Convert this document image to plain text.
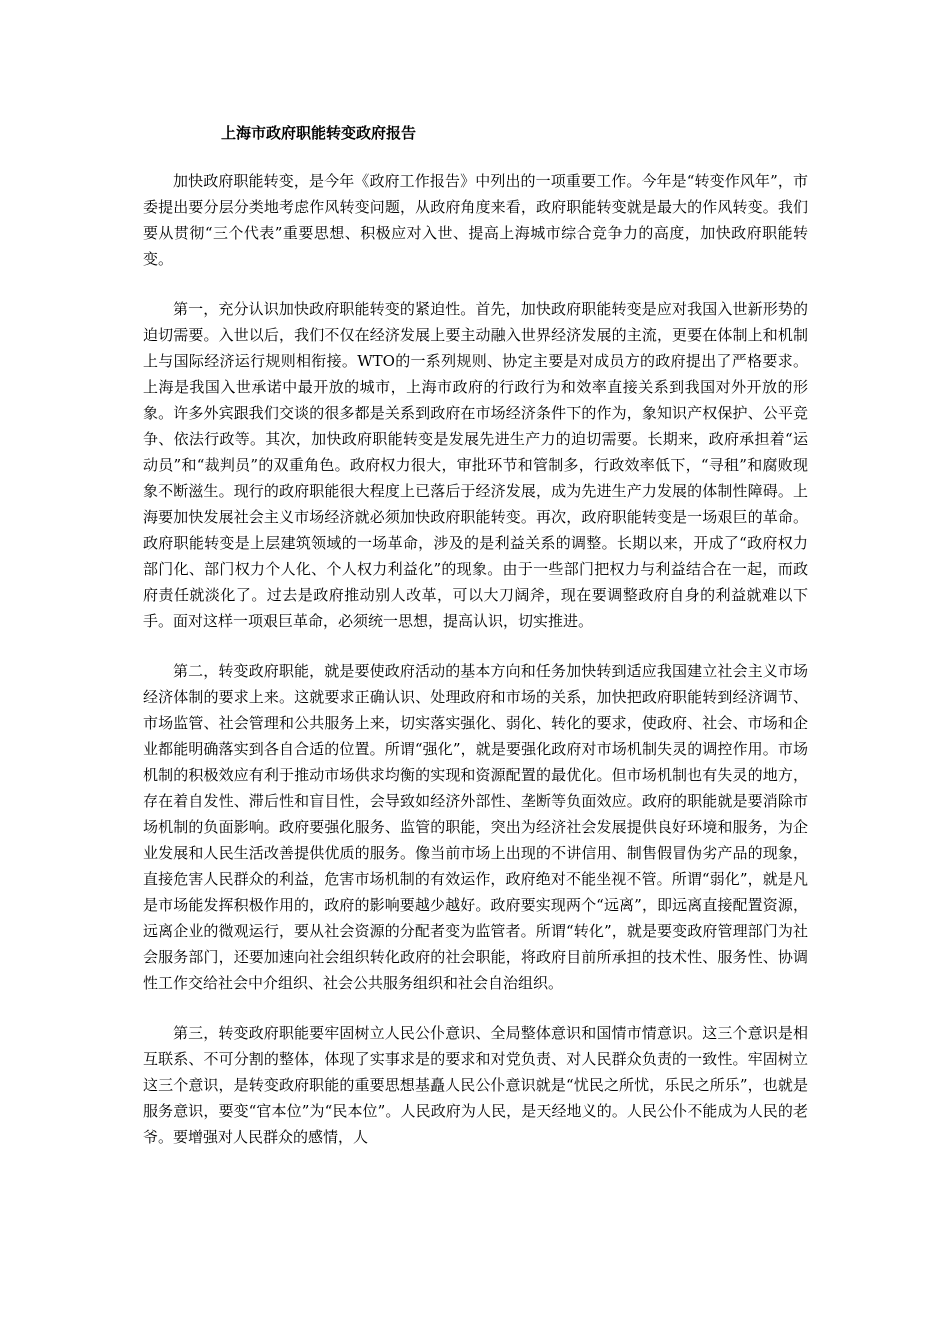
上海市政府职能转变政府报告

加快政府职能转变，是今年《政府工作报告》中列出的一项重要工作。今年是“转变作风年”，市委提出要分层分类地考虑作风转变问题，从政府角度来看，政府职能转变就是最大的作风转变。我们要从贯彻“三个代表”重要思想、积极应对入世、提高上海城市综合竞争力的高度，加快政府职能转变。

第一，充分认识加快政府职能转变的紧迫性。首先，加快政府职能转变是应对我国入世新形势的迫切需要。入世以后，我们不仅在经济发展上要主动融入世界经济发展的主流，更要在体制上和机制上与国际经济运行规则相衔接。WTO的一系列规则、协定主要是对成员方的政府提出了严格要求。上海是我国入世承诺中最开放的城市，上海市政府的行政行为和效率直接关系到我国对外开放的形象。许多外宾跟我们交谈的很多都是关系到政府在市场经济条件下的作为，象知识产权保护、公平竞争、依法行政等。其次，加快政府职能转变是发展先进生产力的迫切需要。长期来，政府承担着“运动员”和“裁判员”的双重角色。政府权力很大，审批环节和管制多，行政效率低下，“寻租”和腐败现象不断滋生。现行的政府职能很大程度上已落后于经济发展，成为先进生产力发展的体制性障碍。上海要加快发展社会主义市场经济就必须加快政府职能转变。再次，政府职能转变是一场艰巨的革命。政府职能转变是上层建筑领域的一场革命，涉及的是利益关系的调整。长期以来，开成了“政府权力部门化、部门权力个人化、个人权力利益化”的现象。由于一些部门把权力与利益结合在一起，而政府责任就淡化了。过去是政府推动别人改革，可以大刀阔斧，现在要调整政府自身的利益就难以下手。面对这样一项艰巨革命，必须统一思想，提高认识，切实推进。

第二，转变政府职能，就是要使政府活动的基本方向和任务加快转到适应我国建立社会主义市场经济体制的要求上来。这就要求正确认识、处理政府和市场的关系，加快把政府职能转到经济调节、市场监管、社会管理和公共服务上来，切实落实强化、弱化、转化的要求，使政府、社会、市场和企业都能明确落实到各自合适的位置。所谓“强化”，就是要强化政府对市场机制失灵的调控作用。市场机制的积极效应有利于推动市场供求均衡的实现和资源配置的最优化。但市场机制也有失灵的地方，存在着自发性、滞后性和盲目性，会导致如经济外部性、垄断等负面效应。政府的职能就是要消除市场机制的负面影响。政府要强化服务、监管的职能，突出为经济社会发展提供良好环境和服务，为企业发展和人民生活改善提供优质的服务。像当前市场上出现的不讲信用、制售假冒伪劣产品的现象，直接危害人民群众的利益，危害市场机制的有效运作，政府绝对不能坐视不管。所谓“弱化”，就是凡是市场能发挥积极作用的，政府的影响要越少越好。政府要实现两个“远离”，即远离直接配置资源，远离企业的微观运行，要从社会资源的分配者变为监管者。所谓“转化”，就是要变政府管理部门为社会服务部门，还要加速向社会组织转化政府的社会职能，将政府目前所承担的技术性、服务性、协调性工作交给社会中介组织、社会公共服务组织和社会自治组织。

第三，转变政府职能要牢固树立人民公仆意识、全局整体意识和国情市情意识。这三个意识是相互联系、不可分割的整体，体现了实事求是的要求和对党负责、对人民群众负责的一致性。牢固树立这三个意识，是转变政府职能的重要思想基矗人民公仆意识就是“忧民之所忧，乐民之所乐”，也就是服务意识，要变“官本位”为“民本位”。人民政府为人民，是天经地义的。人民公仆不能成为人民的老爷。要增强对人民群众的感情，人
